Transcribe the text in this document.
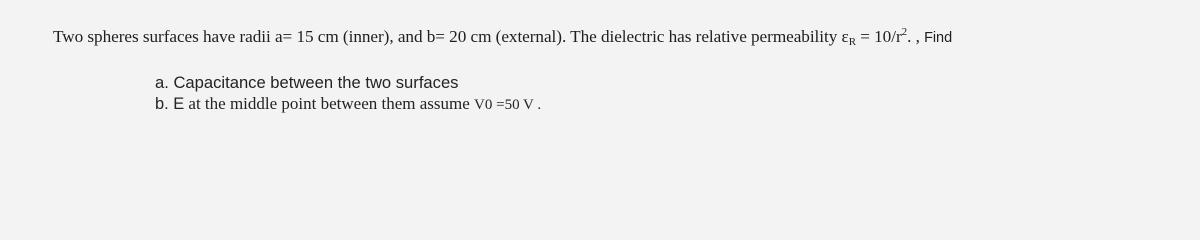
Two spheres surfaces have radii a= 15 cm (inner), and b= 20 cm (external). The dielectric has relative permeability $\varepsilon_R = 10/r^2$. , Find
a. Capacitance between the two surfaces
b. E at the middle point between them assume V0 =50 V .
